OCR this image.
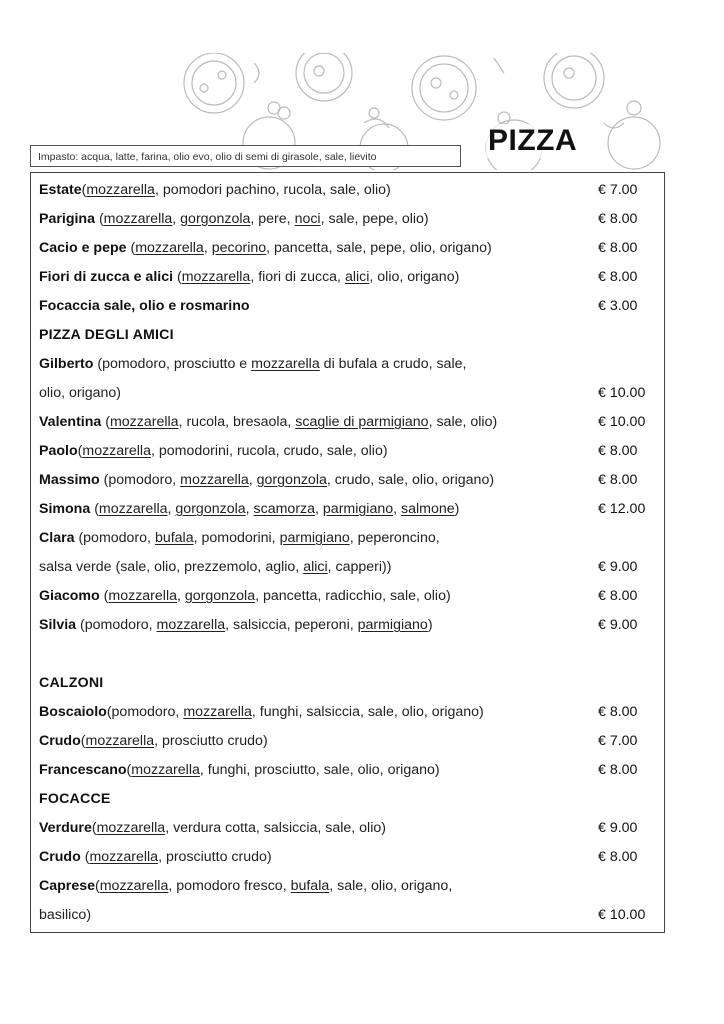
PIZZA
Impasto: acqua, latte, farina, olio evo, olio di semi di girasole, sale, lievito
Estate(mozzarella, pomodori pachino, rucola, sale, olio)	€ 7.00
Parigina (mozzarella, gorgonzola, pere, noci, sale, pepe, olio)	€ 8.00
Cacio e pepe (mozzarella, pecorino, pancetta, sale, pepe, olio, origano)	€ 8.00
Fiori di zucca e alici (mozzarella, fiori di zucca, alici, olio, origano)	€ 8.00
Focaccia sale, olio e rosmarino	€ 3.00
PIZZA DEGLI AMICI
Gilberto (pomodoro, prosciutto e mozzarella di bufala a crudo, sale,
olio, origano)	€ 10.00
Valentina (mozzarella, rucola, bresaola, scaglie di parmigiano, sale, olio)	€ 10.00
Paolo(mozzarella, pomodorini, rucola, crudo, sale, olio)	€ 8.00
Massimo (pomodoro, mozzarella, gorgonzola, crudo, sale, olio, origano)	€ 8.00
Simona (mozzarella, gorgonzola, scamorza, parmigiano, salmone)	€ 12.00
Clara (pomodoro, bufala, pomodorini, parmigiano, peperoncino,
salsa verde (sale, olio, prezzemolo, aglio, alici, capperi))	€ 9.00
Giacomo (mozzarella, gorgonzola, pancetta, radicchio, sale, olio)	€ 8.00
Silvia (pomodoro, mozzarella, salsiccia, peperoni, parmigiano)	€ 9.00
CALZONI
Boscaiolo(pomodoro, mozzarella, funghi, salsiccia, sale, olio, origano)	€ 8.00
Crudo(mozzarella, prosciutto crudo)	€ 7.00
Francescano(mozzarella, funghi, prosciutto, sale, olio, origano)	€ 8.00
FOCACCE
Verdure(mozzarella, verdura cotta, salsiccia, sale, olio)	€ 9.00
Crudo (mozzarella, prosciutto crudo)	€ 8.00
Caprese(mozzarella, pomodoro fresco, bufala, sale, olio, origano,
basilico)	€ 10.00
